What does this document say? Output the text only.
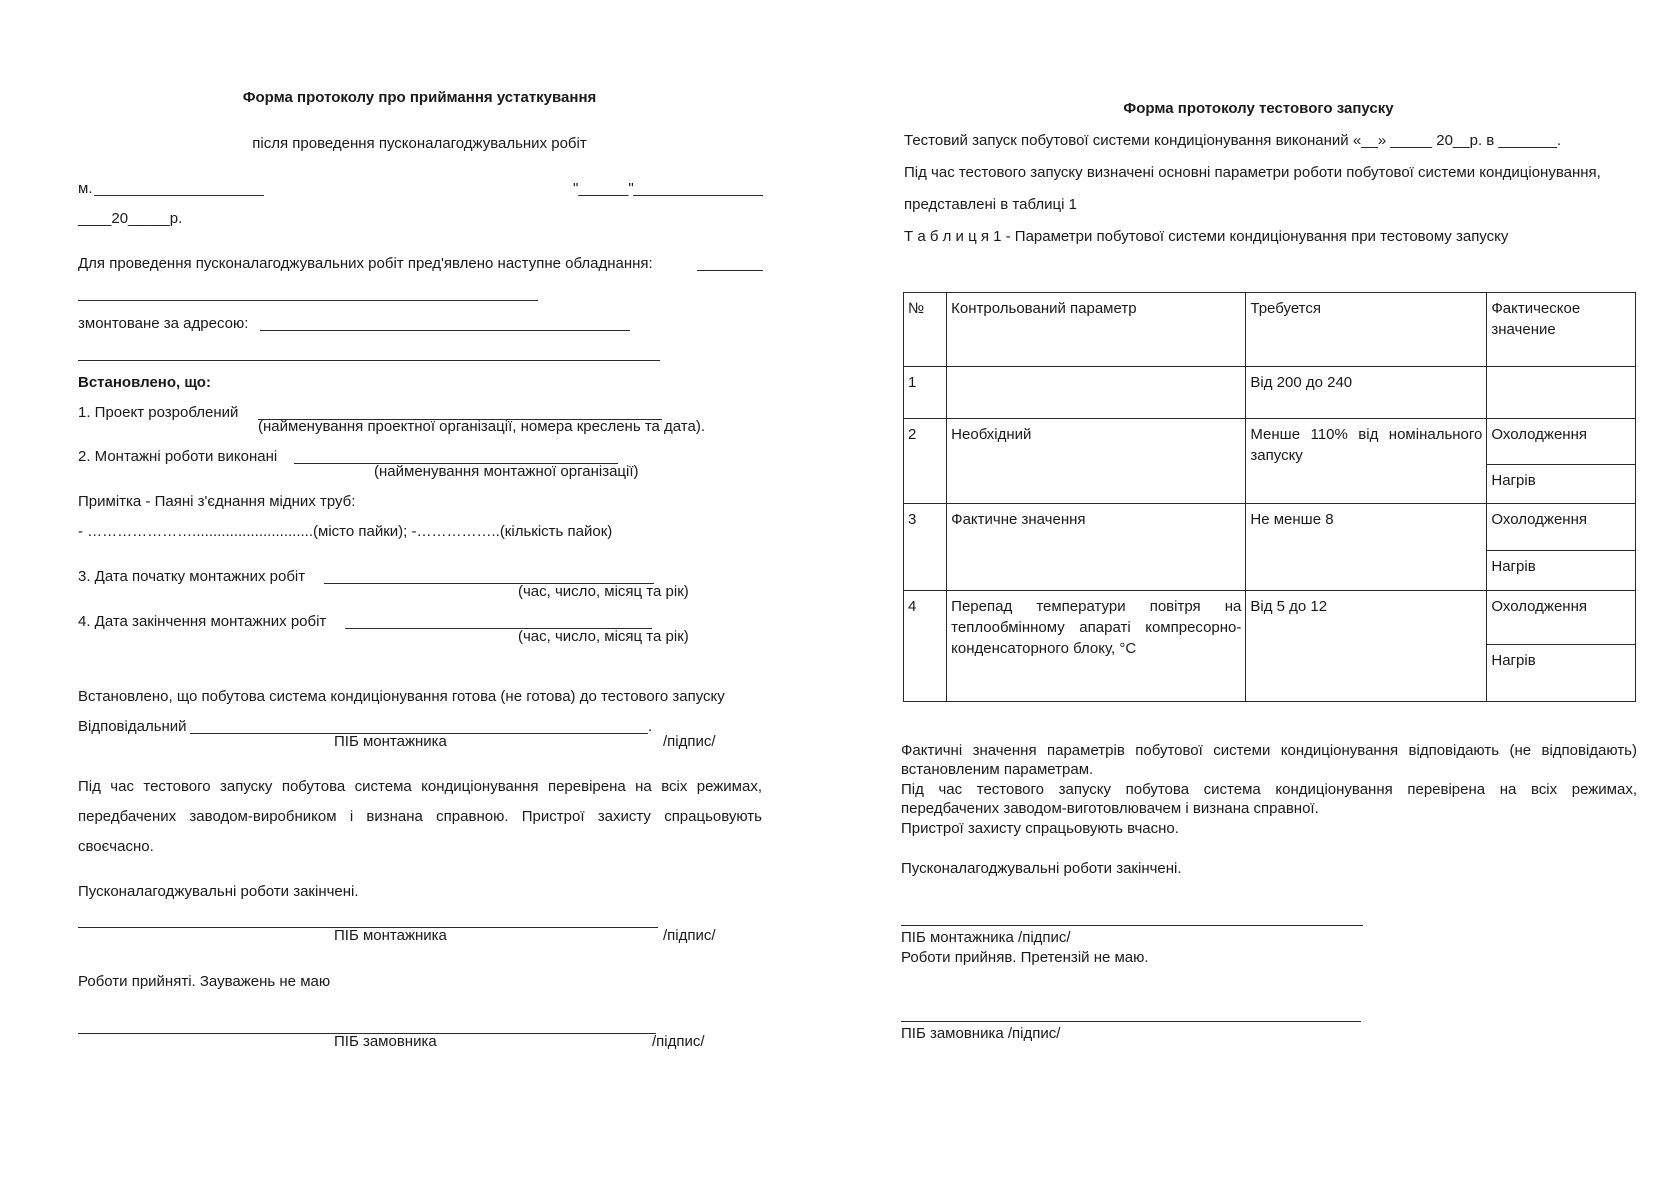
Форма протоколу про приймання устаткування
після проведення пусконалагоджувальних робіт
м.	"______"
____20_____р.
Для проведення пусконалагоджувальних робіт пред'явлено наступне обладнання:
змонтоване за адресою:
Встановлено, що:
1. Проект розроблений
(найменування проектної організації, номера креслень та дата).
2. Монтажні роботи виконані
(найменування монтажної організації)
Примітка - Паяні з'єднання мідних труб:
- ………………….............................(місто пайки); -……………..(кількість пайок)
3. Дата початку монтажних робіт
(час, число, місяц та рік)
4. Дата закінчення монтажних робіт
(час, число, місяц та рік)
Встановлено, що побутова система кондиціонування готова (не готова) до тестового запуску
Відповідальний	.
ПІБ монтажника	/підпис/
Під час тестового запуску побутова система кондиціонування перевірена на всіх режимах,
передбачених заводом-виробником і визнана справною. Пристрої захисту спрацьовують
своєчасно.
Пусконалагоджувальні роботи закінчені.
ПІБ монтажника	/підпис/
Роботи прийняті. Зауважень не маю
ПІБ замовника	/підпис/
Форма протоколу тестового запуску
Тестовий запуск побутової системи кондиціонування виконаний «__» _____ 20__р. в _______.
Під час тестового запуску визначені основні параметри роботи побутової системи кондиціонування,
представлені в таблиці 1
Т а б л и ц я 1 - Параметри побутової системи кондиціонування при тестовому запуску
№	Контрольований параметр	Требуется	Фактическое значение
1		Від 200 до 240	
2	Необхідний	Менше 110% від номінального запуску	Охолодження
			Нагрів
3	Фактичне значення	Не менше 8	Охолодження
			Нагрів
4	Перепад температури повітря на теплообмінному апараті компресорно-конденсаторного блоку, °С	Від 5 до 12	Охолодження
			Нагрів
Фактичні значення параметрів побутової системи кондиціонування відповідають (не відповідають)
встановленим параметрам.
Під час тестового запуску побутова система кондиціонування перевірена на всіх режимах,
передбачених заводом-виготовлювачем і визнана справної.
Пристрої захисту спрацьовують вчасно.
Пусконалагоджувальні роботи закінчені.
ПІБ монтажника /підпис/
Роботи прийняв. Претензій не маю.
ПІБ замовника /підпис/
